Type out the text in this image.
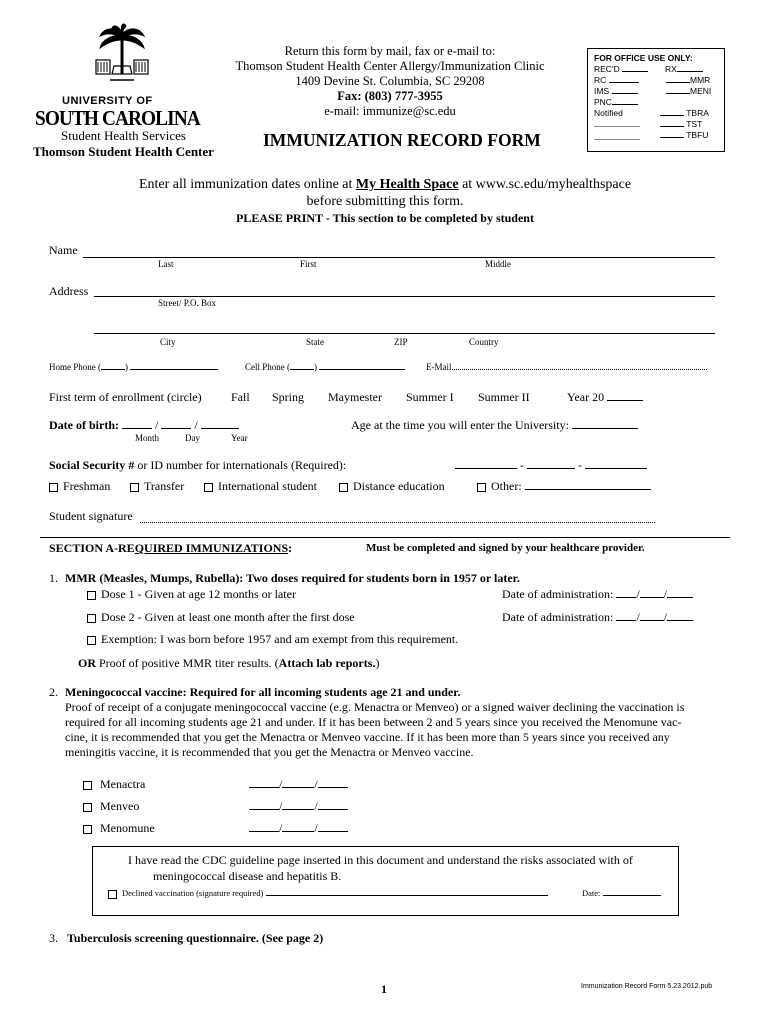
UNIVERSITY OF
SOUTH CAROLINA
Student Health Services
Thomson Student Health Center
Return this form by mail, fax or e-mail to:
Thomson Student Health Center Allergy/Immunization Clinic
1409 Devine St. Columbia, SC 29208
Fax: (803) 777-3955
e-mail: immunize@sc.edu
IMMUNIZATION RECORD FORM
FOR OFFICE USE ONLY:
REC'D	RX
RC	MMR
IMS	MENI
PNC
Notified	TBRA
TST
TBFU
Enter all immunization dates online at My Health Space at www.sc.edu/myhealthspace
before submitting this form.
PLEASE PRINT - This section to be completed by student
Name
Last	First	Middle
Address
Street/ P.O. Box
City	State	ZIP	Country
Home Phone (	)	Cell Phone (	)	E-Mail
First term of enrollment (circle) Fall Spring Maymester Summer I Summer II	Year 20
Date of birth:	/	/
Month	Day	Year
Age at the time you will enter the University:
Social Security # or ID number for internationals (Required):	-	-
Freshman	Transfer	International student	Distance education	Other:
Student signature
SECTION A-REQUIRED IMMUNIZATIONS:	Must be completed and signed by your healthcare provider.
1. MMR (Measles, Mumps, Rubella): Two doses required for students born in 1957 or later.
Dose 1 - Given at age 12 months or later	Date of administration: / /
Dose 2 - Given at least one month after the first dose	Date of administration: / /
Exemption: I was born before 1957 and am exempt from this requirement.
OR Proof of positive MMR titer results. (Attach lab reports.)
2. Meningococcal vaccine: Required for all incoming students age 21 and under.
Proof of receipt of a conjugate meningococcal vaccine (e.g. Menactra or Menveo) or a signed waiver declining the vaccination is
required for all incoming students age 21 and under. If it has been between 2 and 5 years since you received the Menomune vac-
cine, it is recommended that you get the Menactra or Menveo vaccine. If it has been more than 5 years since you received any
meningitis vaccine, it is recommended that you get the Menactra or Menveo vaccine.
Menactra	/	/
Menveo	/	/
Menomune	/	/
I have read the CDC guideline page inserted in this document and understand the risks associated with of
meningococcal disease and hepatitis B.
Declined vaccination (signature required)	Date:
3. Tuberculosis screening questionnaire. (See page 2)
1	Immunization Record Form 5.23.2012.pub
